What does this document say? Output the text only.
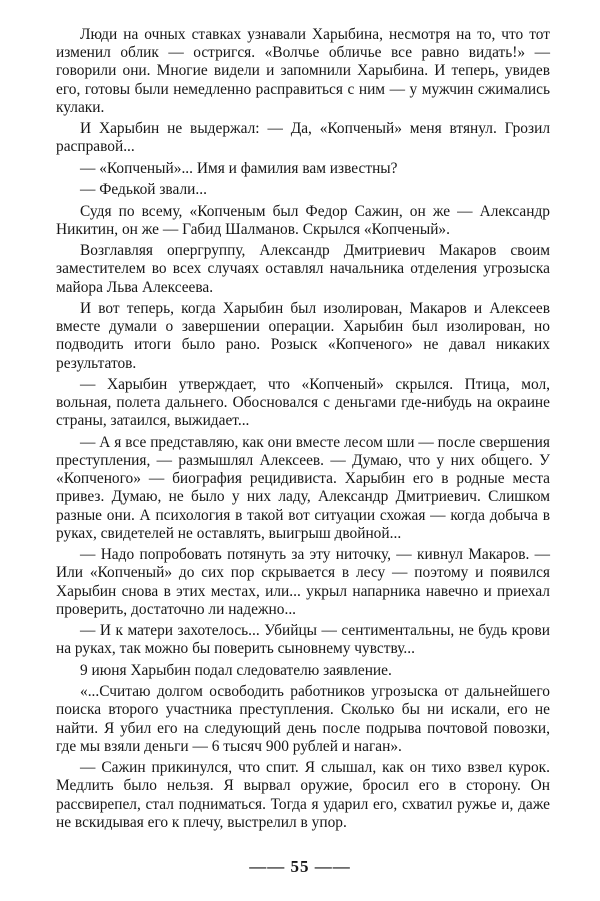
Люди на очных ставках узнавали Харыбина, несмотря на то, что тот изменил облик — остригся. «Волчье обличье все равно видать!» — говорили они. Многие видели и запомнили Харыбина. И теперь, увидев его, готовы были немедленно расправиться с ним — у мужчин сжимались кулаки.

И Харыбин не выдержал: — Да, «Копченый» меня втянул. Грозил расправой...

— «Копченый»... Имя и фамилия вам известны?

— Федькой звали...

Судя по всему, «Копченым был Федор Сажин, он же — Александр Никитин, он же — Габид Шалманов. Скрылся «Копченый».

Возглавляя опергруппу, Александр Дмитриевич Макаров своим заместителем во всех случаях оставлял начальника отделения угрозыска майора Льва Алексеева.

И вот теперь, когда Харыбин был изолирован, Макаров и Алексеев вместе думали о завершении операции. Харыбин был изолирован, но подводить итоги было рано. Розыск «Копченого» не давал никаких результатов.

— Харыбин утверждает, что «Копченый» скрылся. Птица, мол, вольная, полета дальнего. Обосновался с деньгами где-нибудь на окраине страны, затаился, выжидает...

— А я все представляю, как они вместе лесом шли — после свершения преступления, — размышлял Алексеев. — Думаю, что у них общего. У «Копченого» — биография рецидивиста. Харыбин его в родные места привез. Думаю, не было у них ладу, Александр Дмитриевич. Слишком разные они. А психология в такой вот ситуации схожая — когда добыча в руках, свидетелей не оставлять, выигрыш двойной...

— Надо попробовать потянуть за эту ниточку, — кивнул Макаров. — Или «Копченый» до сих пор скрывается в лесу — поэтому и появился Харыбин снова в этих местах, или... укрыл напарника навечно и приехал проверить, достаточно ли надежно...

— И к матери захотелось... Убийцы — сентиментальны, не будь крови на руках, так можно бы поверить сыновнему чувству...

9 июня Харыбин подал следователю заявление.

«...Считаю долгом освободить работников угрозыска от дальнейшего поиска второго участника преступления. Сколько бы ни искали, его не найти. Я убил его на следующий день после подрыва почтовой повозки, где мы взяли деньги — 6 тысяч 900 рублей и наган».

— Сажин прикинулся, что спит. Я слышал, как он тихо взвел курок. Медлить было нельзя. Я вырвал оружие, бросил его в сторону. Он рассвирепел, стал подниматься. Тогда я ударил его, схватил ружье и, даже не вскидывая его к плечу, выстрелил в упор.

—— 55 ——
